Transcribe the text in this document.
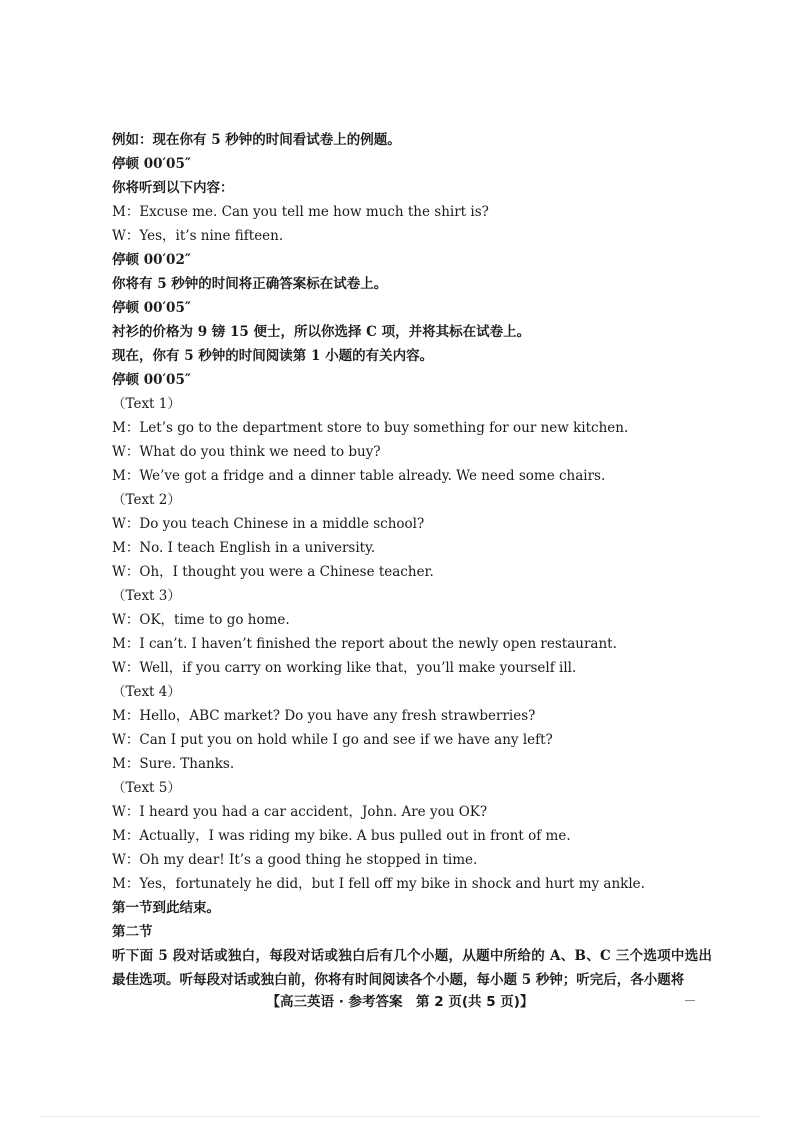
例如：现在你有 5 秒钟的时间看试卷上的例题。
停顿 00′05″
你将听到以下内容：
M：Excuse me. Can you tell me how much the shirt is?
W：Yes，it’s nine fifteen.
停顿 00′02″
你将有 5 秒钟的时间将正确答案标在试卷上。
停顿 00′05″
衬衫的价格为 9 镑 15 便士，所以你选择 C 项，并将其标在试卷上。
现在，你有 5 秒钟的时间阅读第 1 小题的有关内容。
停顿 00′05″
（Text 1）
M：Let’s go to the department store to buy something for our new kitchen.
W：What do you think we need to buy?
M：We’ve got a fridge and a dinner table already. We need some chairs.
（Text 2）
W：Do you teach Chinese in a middle school?
M：No. I teach English in a university.
W：Oh，I thought you were a Chinese teacher.
（Text 3）
W：OK，time to go home.
M：I can’t. I haven’t finished the report about the newly open restaurant.
W：Well，if you carry on working like that，you’ll make yourself ill.
（Text 4）
M：Hello，ABC market? Do you have any fresh strawberries?
W：Can I put you on hold while I go and see if we have any left?
M：Sure. Thanks.
（Text 5）
W：I heard you had a car accident，John. Are you OK?
M：Actually，I was riding my bike. A bus pulled out in front of me.
W：Oh my dear! It’s a good thing he stopped in time.
M：Yes，fortunately he did，but I fell off my bike in shock and hurt my ankle.
第一节到此结束。
第二节
听下面 5 段对话或独白，每段对话或独白后有几个小题，从题中所给的 A、B、C 三个选项中选出最佳选项。听每段对话或独白前，你将有时间阅读各个小题，每小题 5 秒钟；听完后，各小题将
【高三英语 · 参考答案　第 2 页(共 5 页)】
